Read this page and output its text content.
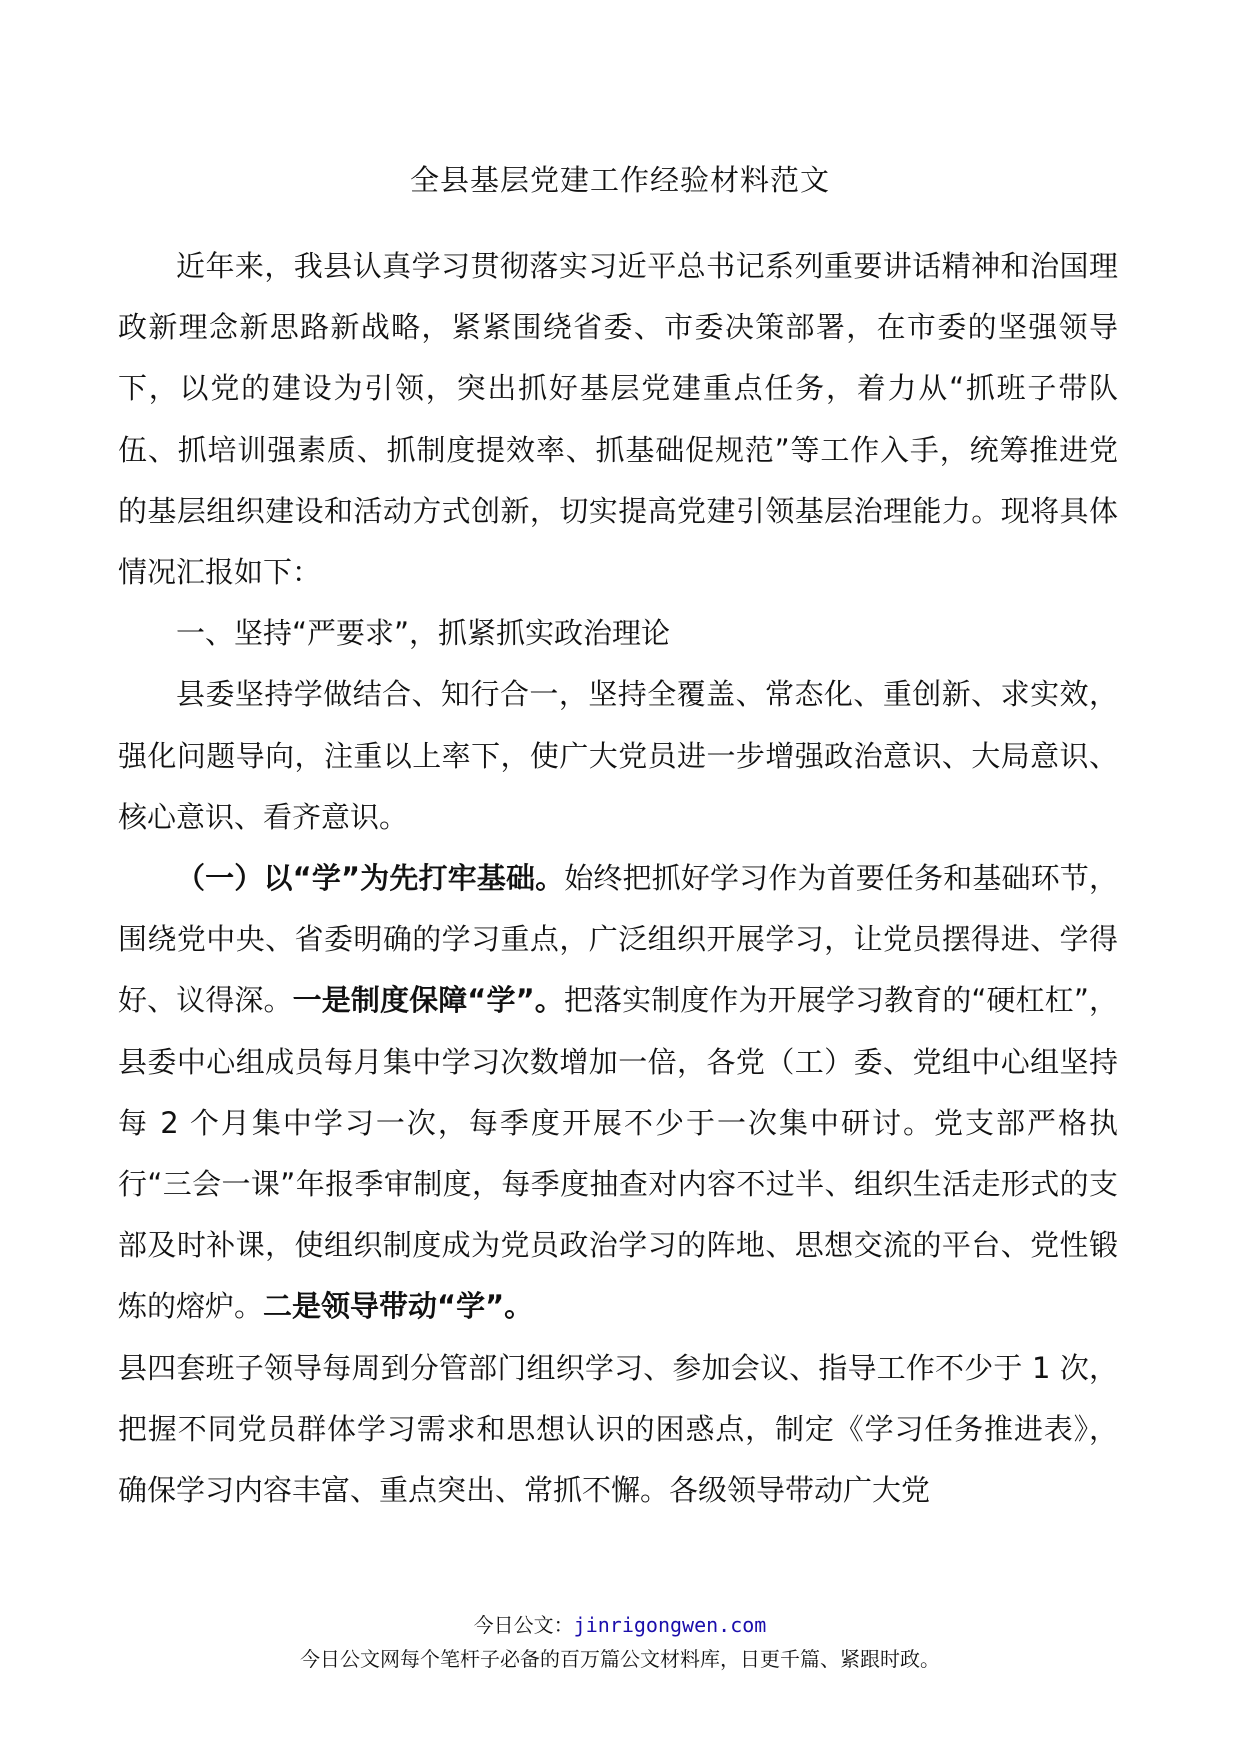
全县基层党建工作经验材料范文

近年来，我县认真学习贯彻落实习近平总书记系列重要讲话精神和治国理政新理念新思路新战略，紧紧围绕省委、市委决策部署，在市委的坚强领导下，以党的建设为引领，突出抓好基层党建重点任务，着力从“抓班子带队伍、抓培训强素质、抓制度提效率、抓基础促规范”等工作入手，统筹推进党的基层组织建设和活动方式创新，切实提高党建引领基层治理能力。现将具体情况汇报如下：

一、坚持“严要求”，抓紧抓实政治理论

县委坚持学做结合、知行合一，坚持全覆盖、常态化、重创新、求实效，强化问题导向，注重以上率下，使广大党员进一步增强政治意识、大局意识、核心意识、看齐意识。

（一）以“学”为先打牢基础。始终把抓好学习作为首要任务和基础环节，围绕党中央、省委明确的学习重点，广泛组织开展学习，让党员摆得进、学得好、议得深。一是制度保障“学”。把落实制度作为开展学习教育的“硬杠杠”，县委中心组成员每月集中学习次数增加一倍，各党（工）委、党组中心组坚持每 2 个月集中学习一次，每季度开展不少于一次集中研讨。党支部严格执行“三会一课”年报季审制度，每季度抽查对内容不过半、组织生活走形式的支部及时补课，使组织制度成为党员政治学习的阵地、思想交流的平台、党性锻炼的熔炉。二是领导带动“学”。

县四套班子领导每周到分管部门组织学习、参加会议、指导工作不少于 1 次，把握不同党员群体学习需求和思想认识的困惑点，制定《学习任务推进表》，确保学习内容丰富、重点突出、常抓不懈。各级领导带动广大党

今日公文：jinrigongwen.com
今日公文网每个笔杆子必备的百万篇公文材料库，日更千篇、紧跟时政。
